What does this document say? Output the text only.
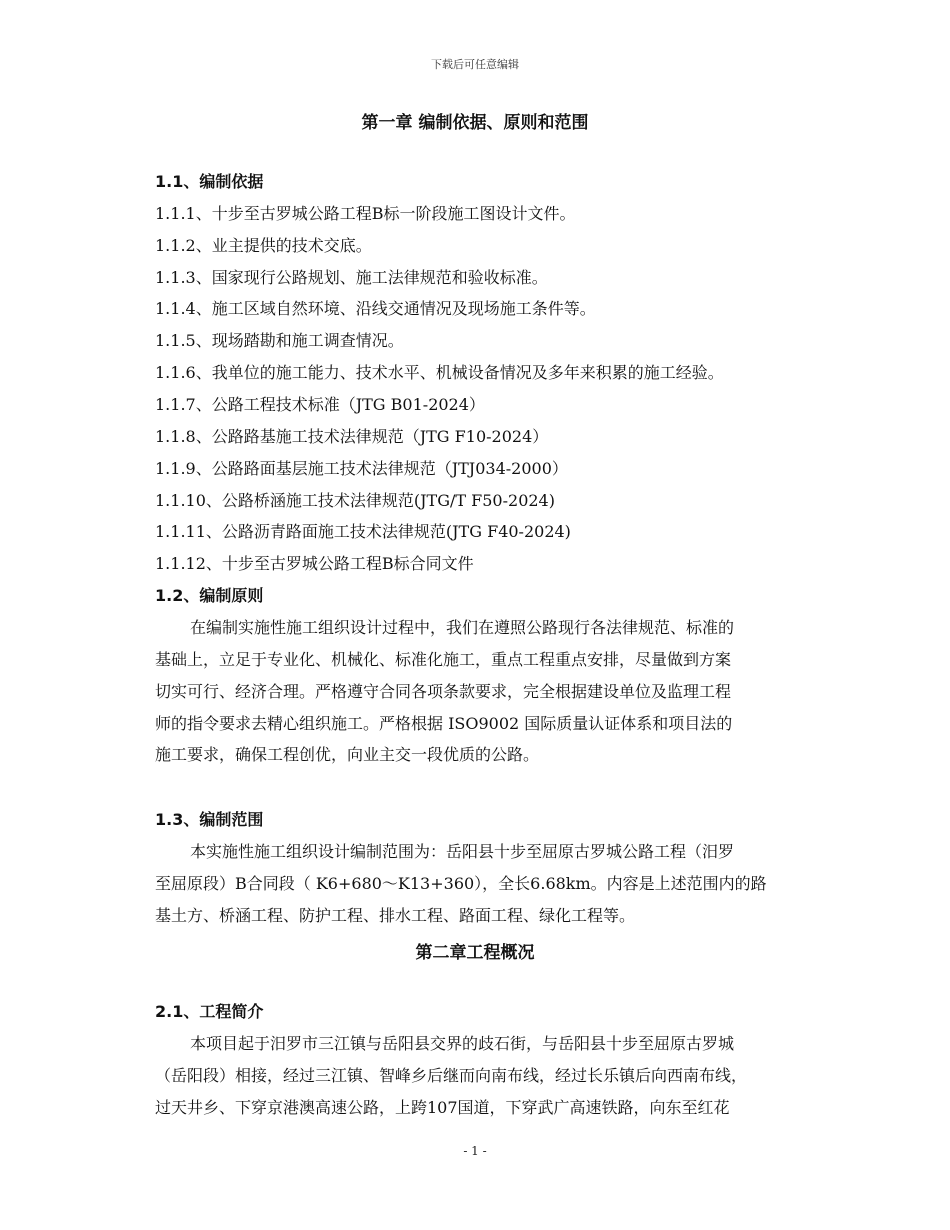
下载后可任意编辑
第一章 编制依据、原则和范围
1.1、编制依据
1.1.1、十步至古罗城公路工程B标一阶段施工图设计文件。
1.1.2、业主提供的技术交底。
1.1.3、国家现行公路规划、施工法律规范和验收标准。
1.1.4、施工区域自然环境、沿线交通情况及现场施工条件等。
1.1.5、现场踏勘和施工调查情况。
1.1.6、我单位的施工能力、技术水平、机械设备情况及多年来积累的施工经验。
1.1.7、公路工程技术标准（JTG B01-2024）
1.1.8、公路路基施工技术法律规范（JTG F10-2024）
1.1.9、公路路面基层施工技术法律规范（JTJ034-2000）
1.1.10、公路桥涵施工技术法律规范(JTG/T F50-2024)
1.1.11、公路沥青路面施工技术法律规范(JTG F40-2024)
1.1.12、十步至古罗城公路工程B标合同文件
1.2、编制原则
在编制实施性施工组织设计过程中，我们在遵照公路现行各法律规范、标准的
基础上，立足于专业化、机械化、标准化施工，重点工程重点安排，尽量做到方案
切实可行、经济合理。严格遵守合同各项条款要求，完全根据建设单位及监理工程
师的指令要求去精心组织施工。严格根据 ISO9002 国际质量认证体系和项目法的
施工要求，确保工程创优，向业主交一段优质的公路。
1.3、编制范围
本实施性施工组织设计编制范围为：岳阳县十步至屈原古罗城公路工程（汨罗
至屈原段）B合同段（ K6+680～K13+360），全长6.68km。内容是上述范围内的路
基土方、桥涵工程、防护工程、排水工程、路面工程、绿化工程等。
第二章工程概况
2.1、工程简介
本项目起于汨罗市三江镇与岳阳县交界的歧石街，与岳阳县十步至屈原古罗城
（岳阳段）相接，经过三江镇、智峰乡后继而向南布线，经过长乐镇后向西南布线，
过天井乡、下穿京港澳高速公路，上跨107国道，下穿武广高速铁路，向东至红花
- 1 -
